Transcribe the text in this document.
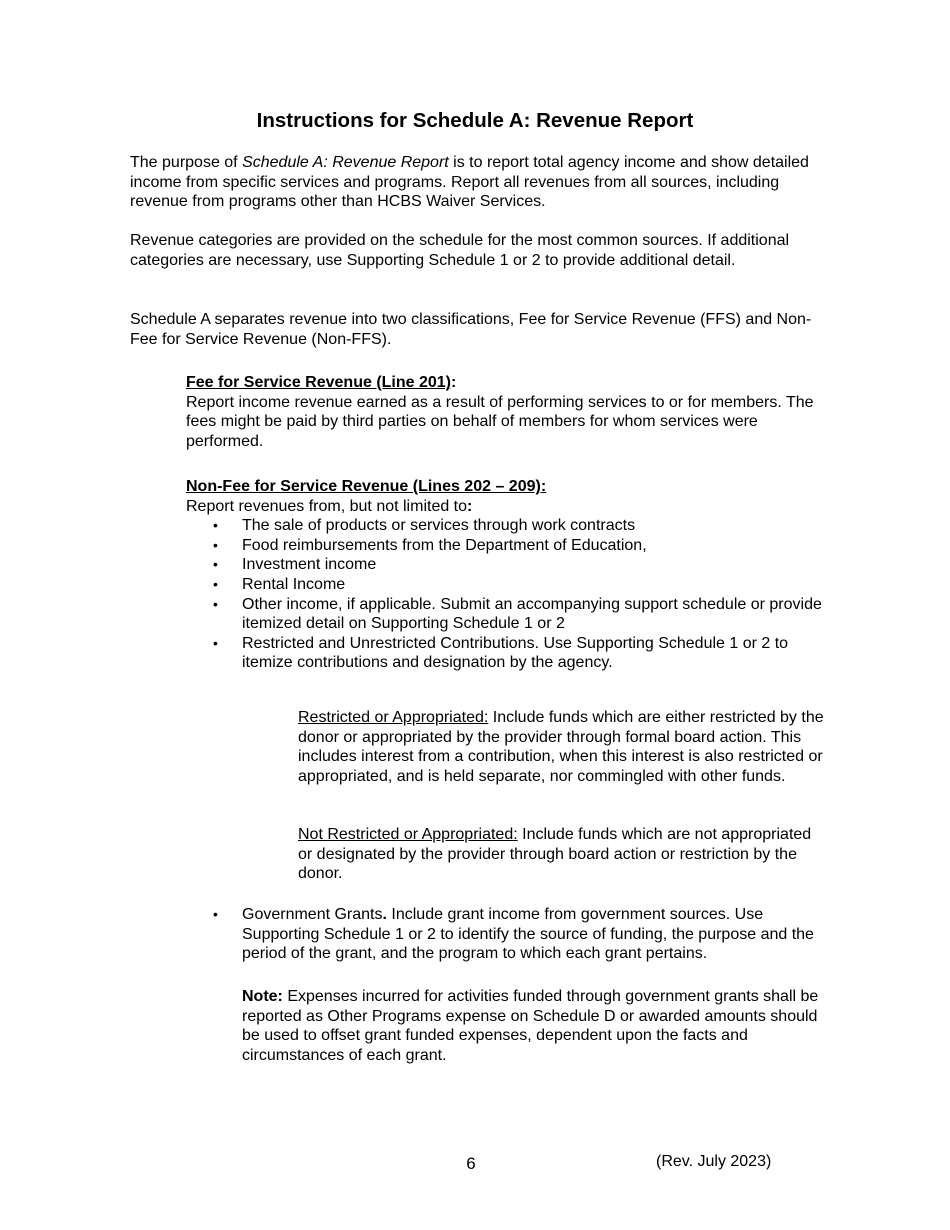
Instructions for Schedule A: Revenue Report

The purpose of Schedule A: Revenue Report is to report total agency income and show detailed income from specific services and programs. Report all revenues from all sources, including revenue from programs other than HCBS Waiver Services.

Revenue categories are provided on the schedule for the most common sources. If additional categories are necessary, use Supporting Schedule 1 or 2 to provide additional detail.

Schedule A separates revenue into two classifications, Fee for Service Revenue (FFS) and Non-Fee for Service Revenue (Non-FFS).

Fee for Service Revenue (Line 201):

Report income revenue earned as a result of performing services to or for members. The fees might be paid by third parties on behalf of members for whom services were performed.

Non-Fee for Service Revenue (Lines 202 – 209):

Report revenues from, but not limited to:

• The sale of products or services through work contracts
• Food reimbursements from the Department of Education,
• Investment income
• Rental Income
• Other income, if applicable. Submit an accompanying support schedule or provide itemized detail on Supporting Schedule 1 or 2
• Restricted and Unrestricted Contributions. Use Supporting Schedule 1 or 2 to itemize contributions and designation by the agency.

Restricted or Appropriated: Include funds which are either restricted by the donor or appropriated by the provider through formal board action. This includes interest from a contribution, when this interest is also restricted or appropriated, and is held separate, nor commingled with other funds.

Not Restricted or Appropriated: Include funds which are not appropriated or designated by the provider through board action or restriction by the donor.

• Government Grants. Include grant income from government sources. Use Supporting Schedule 1 or 2 to identify the source of funding, the purpose and the period of the grant, and the program to which each grant pertains.

Note: Expenses incurred for activities funded through government grants shall be reported as Other Programs expense on Schedule D or awarded amounts should be used to offset grant funded expenses, dependent upon the facts and circumstances of each grant.

6	(Rev. July 2023)
